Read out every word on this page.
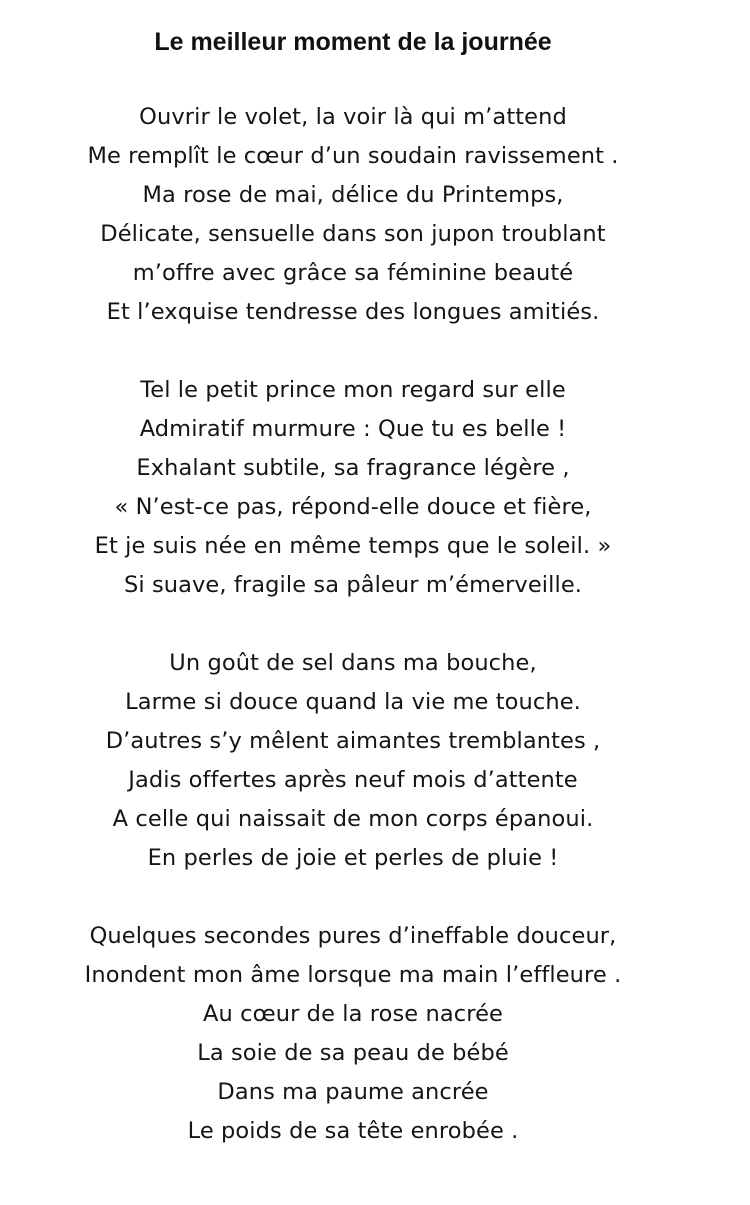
Le meilleur moment de la journée
Ouvrir le volet, la voir là qui m’attend
Me remplît le cœur d’un soudain ravissement .
Ma rose de mai, délice du Printemps,
Délicate, sensuelle dans son jupon troublant
m’offre avec grâce sa féminine beauté
Et l’exquise tendresse des longues amitiés.
Tel le petit prince mon regard sur elle
Admiratif murmure : Que tu es belle !
Exhalant subtile, sa fragrance légère ,
« N’est-ce pas, répond-elle douce et fière,
Et je suis née en même temps que le soleil. »
Si suave, fragile sa pâleur m’émerveille.
Un goût de sel dans ma bouche,
Larme si douce quand la vie me touche.
D’autres s’y mêlent aimantes tremblantes ,
Jadis offertes après neuf mois d’attente
A celle qui naissait de mon corps épanoui.
En perles de joie et perles de pluie !
Quelques secondes pures d’ineffable douceur,
Inondent mon âme lorsque ma main l’effleure .
Au cœur de la rose nacrée
La soie de sa peau de bébé
Dans ma paume ancrée
Le poids de sa tête enrobée .
